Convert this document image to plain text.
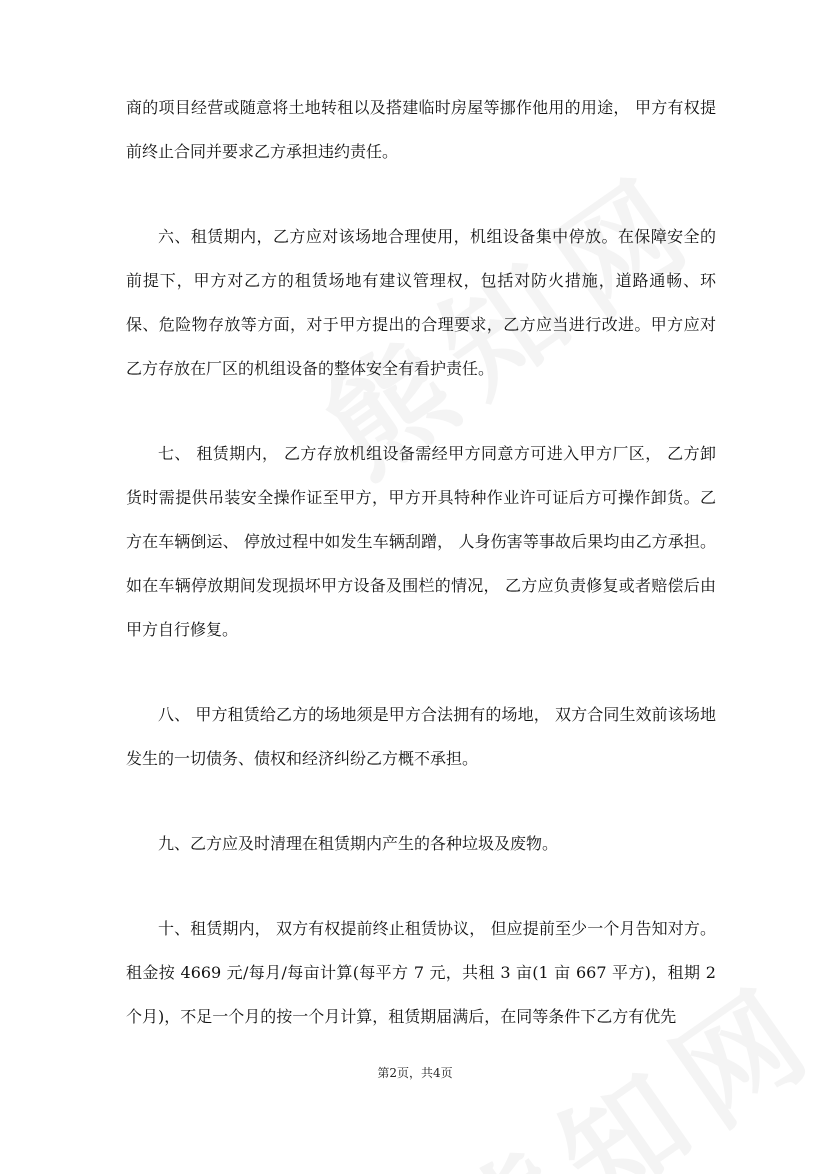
商的项目经营或随意将土地转租以及搭建临时房屋等挪作他用的用途， 甲方有权提前终止合同并要求乙方承担违约责任。

六、租赁期内，乙方应对该场地合理使用，机组设备集中停放。在保障安全的前提下，甲方对乙方的租赁场地有建议管理权，包括对防火措施，道路通畅、环保、危险物存放等方面，对于甲方提出的合理要求，乙方应当进行改进。甲方应对乙方存放在厂区的机组设备的整体安全有看护责任。

七、 租赁期内， 乙方存放机组设备需经甲方同意方可进入甲方厂区， 乙方卸货时需提供吊装安全操作证至甲方，甲方开具特种作业许可证后方可操作卸货。乙方在车辆倒运、 停放过程中如发生车辆刮蹭， 人身伤害等事故后果均由乙方承担。如在车辆停放期间发现损坏甲方设备及围栏的情况， 乙方应负责修复或者赔偿后由甲方自行修复。

八、 甲方租赁给乙方的场地须是甲方合法拥有的场地， 双方合同生效前该场地发生的一切债务、债权和经济纠纷乙方概不承担。

九、乙方应及时清理在租赁期内产生的各种垃圾及废物。

十、租赁期内， 双方有权提前终止租赁协议， 但应提前至少一个月告知对方。租金按 4669 元/每月/每亩计算(每平方 7 元，共租 3 亩(1 亩 667 平方)，租期 2 个月)，不足一个月的按一个月计算，租赁期届满后，在同等条件下乙方有优先

第2页，共4页
